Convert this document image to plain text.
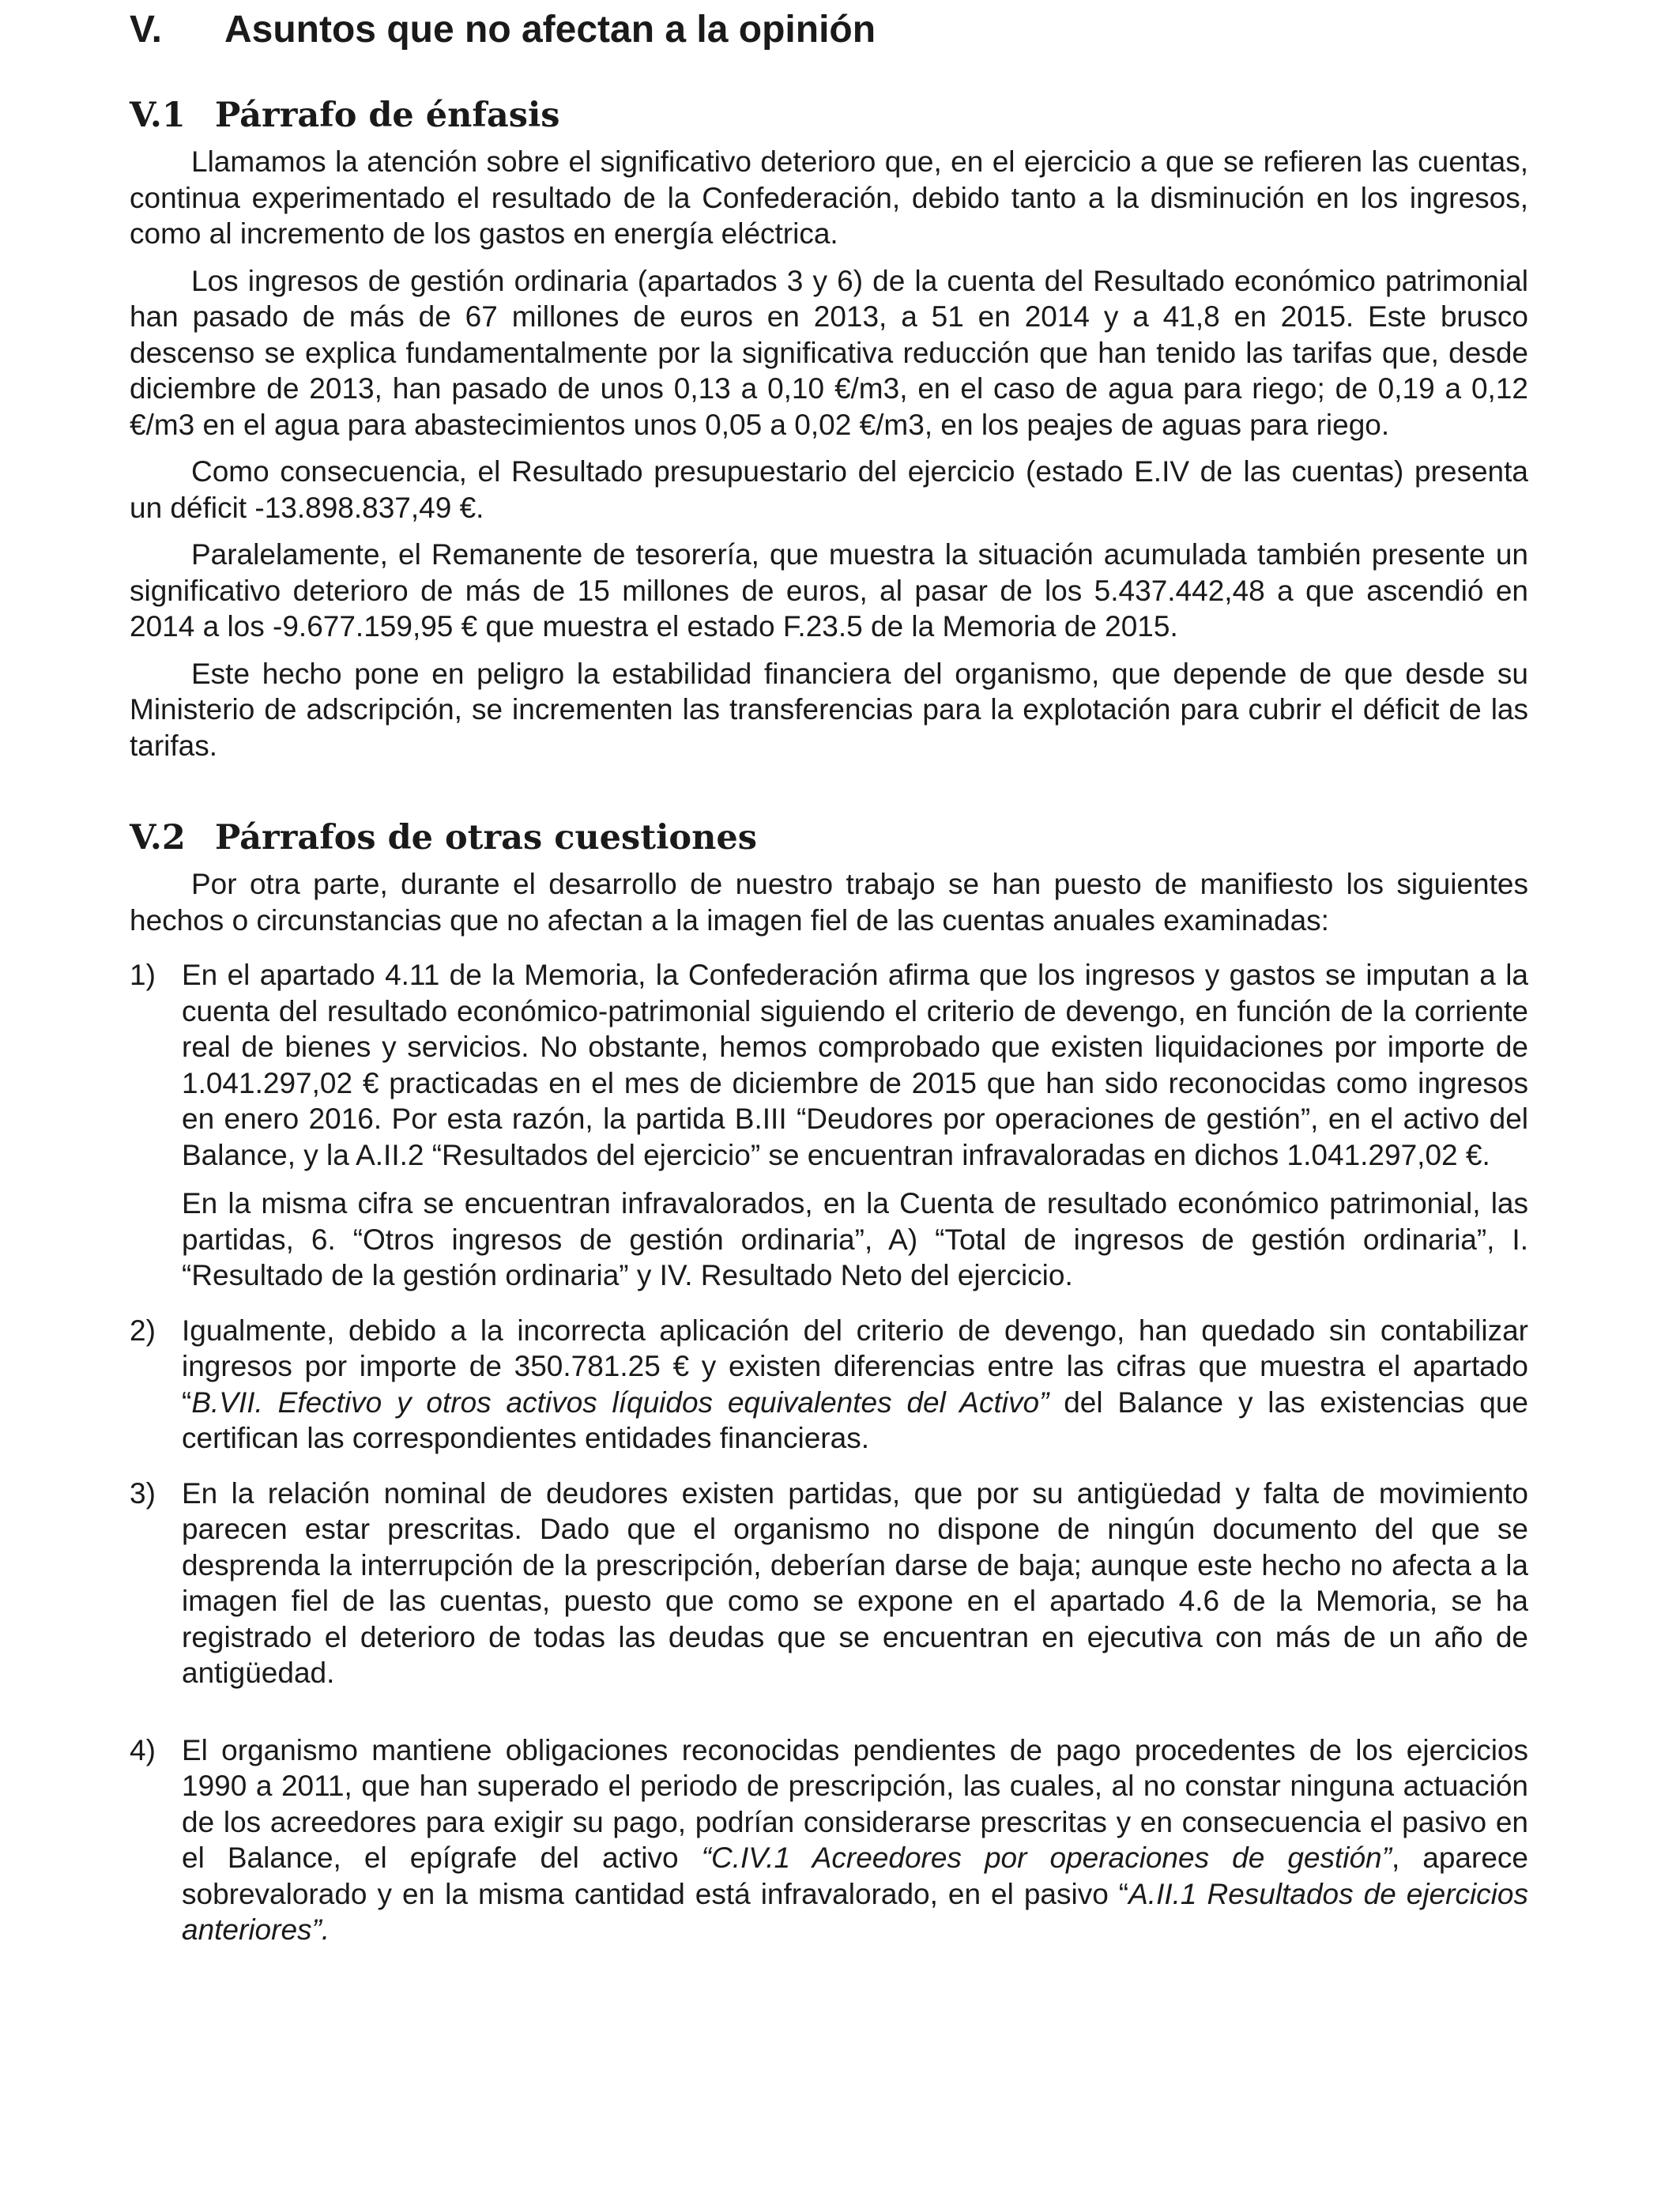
V. Asuntos que no afectan a la opinión
V.1 Párrafo de énfasis

Llamamos la atención sobre el significativo deterioro que, en el ejercicio a que se refieren las cuentas, continua experimentado el resultado de la Confederación, debido tanto a la disminución en los ingresos, como al incremento de los gastos en energía eléctrica.

Los ingresos de gestión ordinaria (apartados 3 y 6) de la cuenta del Resultado económico patrimonial han pasado de más de 67 millones de euros en 2013, a 51 en 2014 y a 41,8 en 2015. Este brusco descenso se explica fundamentalmente por la significativa reducción que han tenido las tarifas que, desde diciembre de 2013, han pasado de unos 0,13 a 0,10 €/m3, en el caso de agua para riego; de 0,19 a 0,12 €/m3 en el agua para abastecimientos unos 0,05 a 0,02 €/m3, en los peajes de aguas para riego.

Como consecuencia, el Resultado presupuestario del ejercicio (estado E.IV de las cuentas) presenta un déficit -13.898.837,49 €.

Paralelamente, el Remanente de tesorería, que muestra la situación acumulada también presente un significativo deterioro de más de 15 millones de euros, al pasar de los 5.437.442,48 a que ascendió en 2014 a los -9.677.159,95 € que muestra el estado F.23.5 de la Memoria de 2015.

Este hecho pone en peligro la estabilidad financiera del organismo, que depende de que desde su Ministerio de adscripción, se incrementen las transferencias para la explotación para cubrir el déficit de las tarifas.

V.2 Párrafos de otras cuestiones

Por otra parte, durante el desarrollo de nuestro trabajo se han puesto de manifiesto los siguientes hechos o circunstancias que no afectan a la imagen fiel de las cuentas anuales examinadas:

1) En el apartado 4.11 de la Memoria, la Confederación afirma que los ingresos y gastos se imputan a la cuenta del resultado económico-patrimonial siguiendo el criterio de devengo, en función de la corriente real de bienes y servicios. No obstante, hemos comprobado que existen liquidaciones por importe de 1.041.297,02 € practicadas en el mes de diciembre de 2015 que han sido reconocidas como ingresos en enero 2016. Por esta razón, la partida B.III “Deudores por operaciones de gestión”, en el activo del Balance, y la A.II.2 “Resultados del ejercicio” se encuentran infravaloradas en dichos 1.041.297,02 €.

En la misma cifra se encuentran infravalorados, en la Cuenta de resultado económico patrimonial, las partidas, 6. “Otros ingresos de gestión ordinaria”, A) “Total de ingresos de gestión ordinaria”, I. “Resultado de la gestión ordinaria” y IV. Resultado Neto del ejercicio.

2) Igualmente, debido a la incorrecta aplicación del criterio de devengo, han quedado sin contabilizar ingresos por importe de 350.781.25 € y existen diferencias entre las cifras que muestra el apartado “B.VII. Efectivo y otros activos líquidos equivalentes del Activo” del Balance y las existencias que certifican las correspondientes entidades financieras.

3) En la relación nominal de deudores existen partidas, que por su antigüedad y falta de movimiento parecen estar prescritas. Dado que el organismo no dispone de ningún documento del que se desprenda la interrupción de la prescripción, deberían darse de baja; aunque este hecho no afecta a la imagen fiel de las cuentas, puesto que como se expone en el apartado 4.6 de la Memoria, se ha registrado el deterioro de todas las deudas que se encuentran en ejecutiva con más de un año de antigüedad.

4) El organismo mantiene obligaciones reconocidas pendientes de pago procedentes de los ejercicios 1990 a 2011, que han superado el periodo de prescripción, las cuales, al no constar ninguna actuación de los acreedores para exigir su pago, podrían considerarse prescritas y en consecuencia el pasivo en el Balance, el epígrafe del activo “C.IV.1 Acreedores por operaciones de gestión”, aparece sobrevalorado y en la misma cantidad está infravalorado, en el pasivo “A.II.1 Resultados de ejercicios anteriores”.
